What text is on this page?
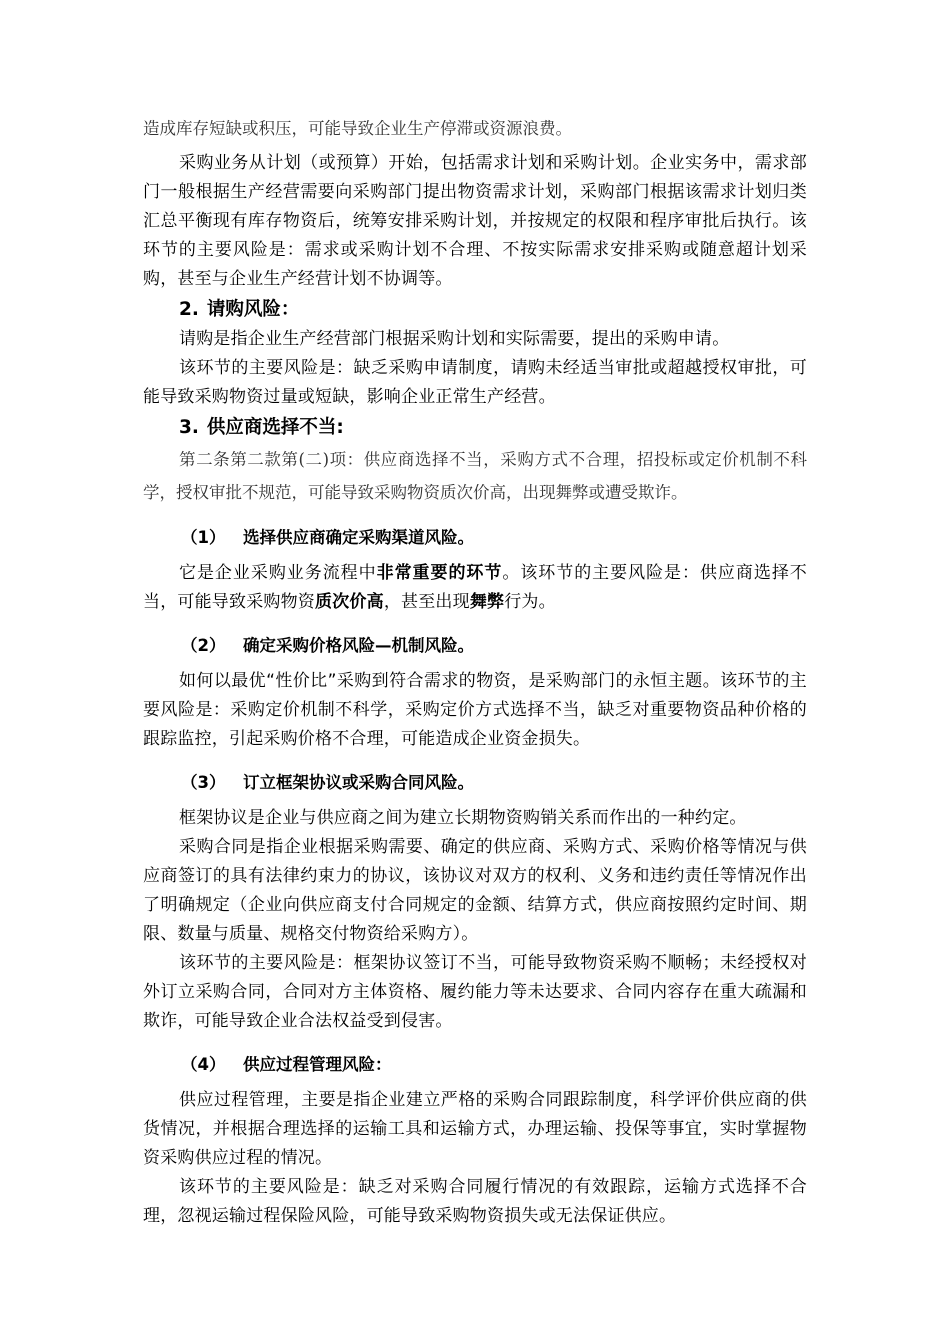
造成库存短缺或积压，可能导致企业生产停滞或资源浪费。

采购业务从计划（或预算）开始，包括需求计划和采购计划。企业实务中，需求部门一般根据生产经营需要向采购部门提出物资需求计划，采购部门根据该需求计划归类汇总平衡现有库存物资后，统筹安排采购计划，并按规定的权限和程序审批后执行。该环节的主要风险是：需求或采购计划不合理、不按实际需求安排采购或随意超计划采购，甚至与企业生产经营计划不协调等。

2. 请购风险：

请购是指企业生产经营部门根据采购计划和实际需要，提出的采购申请。

该环节的主要风险是：缺乏采购申请制度，请购未经适当审批或超越授权审批，可能导致采购物资过量或短缺，影响企业正常生产经营。

3. 供应商选择不当:

第二条第二款第(二)项：供应商选择不当，采购方式不合理，招投标或定价机制不科学，授权审批不规范，可能导致采购物资质次价高，出现舞弊或遭受欺诈。

（1） 选择供应商确定采购渠道风险。

它是企业采购业务流程中非常重要的环节。该环节的主要风险是：供应商选择不当，可能导致采购物资质次价高，甚至出现舞弊行为。

（2） 确定采购价格风险—机制风险。

如何以最优“性价比”采购到符合需求的物资，是采购部门的永恒主题。该环节的主要风险是：采购定价机制不科学，采购定价方式选择不当，缺乏对重要物资品种价格的跟踪监控，引起采购价格不合理，可能造成企业资金损失。

（3） 订立框架协议或采购合同风险。

框架协议是企业与供应商之间为建立长期物资购销关系而作出的一种约定。

采购合同是指企业根据采购需要、确定的供应商、采购方式、采购价格等情况与供应商签订的具有法律约束力的协议，该协议对双方的权利、义务和违约责任等情况作出了明确规定（企业向供应商支付合同规定的金额、结算方式，供应商按照约定时间、期限、数量与质量、规格交付物资给采购方）。

该环节的主要风险是：框架协议签订不当，可能导致物资采购不顺畅；未经授权对外订立采购合同，合同对方主体资格、履约能力等未达要求、合同内容存在重大疏漏和欺诈，可能导致企业合法权益受到侵害。

（4） 供应过程管理风险：

供应过程管理，主要是指企业建立严格的采购合同跟踪制度，科学评价供应商的供货情况，并根据合理选择的运输工具和运输方式，办理运输、投保等事宜，实时掌握物资采购供应过程的情况。

该环节的主要风险是：缺乏对采购合同履行情况的有效跟踪，运输方式选择不合理，忽视运输过程保险风险，可能导致采购物资损失或无法保证供应。
